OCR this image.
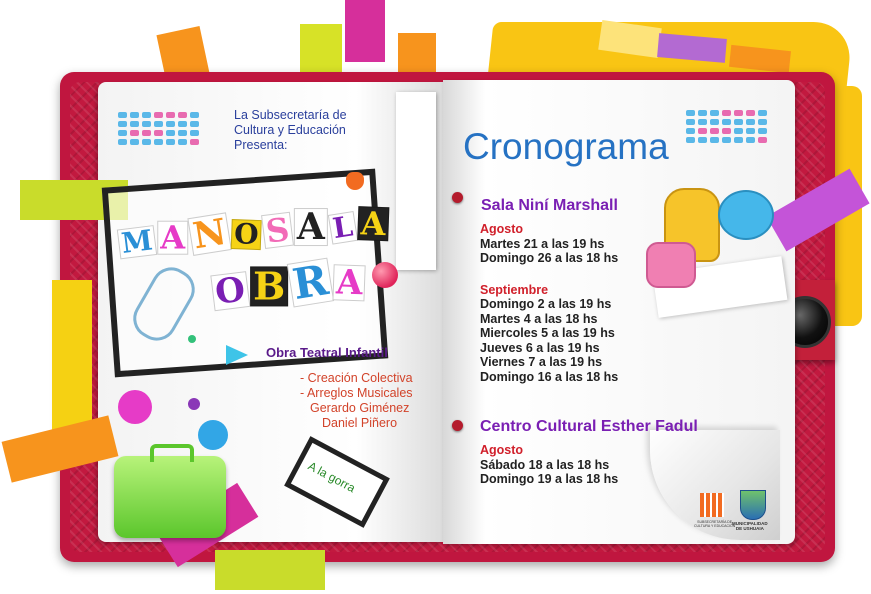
La Subsecretaría de
Cultura y Educación
Presenta:
M A N O S A L A
O BR A
Obra Teatral Infantil
- Creación Colectiva
- Arreglos Musicales
Gerardo Giménez
Daniel Piñero
A la gorra
Cronograma
Sala Niní Marshall
Agosto
Martes 21 a las 19 hs
Domingo 26 a las 18 hs
Septiembre
Domingo 2 a las 19 hs
Martes 4 a las 18 hs
Miercoles 5 a las 19 hs
Jueves 6 a las 19 hs
Viernes 7 a las 19 hs
Domingo 16 a las 18 hs
Centro Cultural Esther Fadul
Agosto
Sábado 18 a las 18 hs
Domingo 19 a las 18 hs
SUBSECRETARÍA DE
CULTURA Y EDUCACIÓN
MUNICIPALIDAD
DE USHUAIA
